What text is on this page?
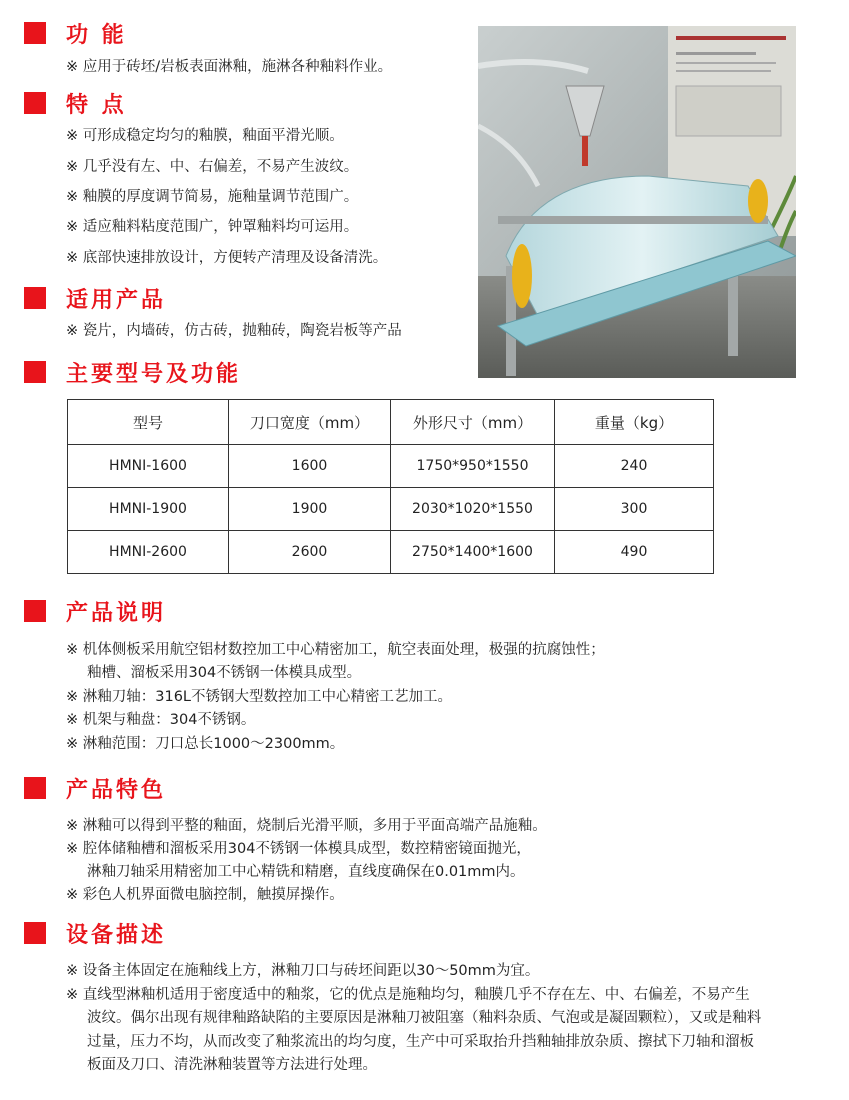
功 能
※ 应用于砖坯/岩板表面淋釉，施淋各种釉料作业。
特 点
※ 可形成稳定均匀的釉膜，釉面平滑光顺。
※ 几乎没有左、中、右偏差，不易产生波纹。
※ 釉膜的厚度调节简易，施釉量调节范围广。
※ 适应釉料粘度范围广，钟罩釉料均可运用。
※ 底部快速排放设计，方便转产清理及设备清洗。
适用产品
※ 瓷片，内墙砖，仿古砖，抛釉砖，陶瓷岩板等产品
主要型号及功能
型号	刀口宽度（mm）	外形尺寸（mm）	重量（kg）
HMNI-1600	1600	1750*950*1550	240
HMNI-1900	1900	2030*1020*1550	300
HMNI-2600	2600	2750*1400*1600	490
产品说明
※ 机体侧板采用航空铝材数控加工中心精密加工，航空表面处理，极强的抗腐蚀性；
釉槽、溜板采用304不锈钢一体模具成型。
※ 淋釉刀轴：316L不锈钢大型数控加工中心精密工艺加工。
※ 机架与釉盘：304不锈钢。
※ 淋釉范围：刀口总长1000～2300mm。
产品特色
※ 淋釉可以得到平整的釉面，烧制后光滑平顺，多用于平面高端产品施釉。
※ 腔体储釉槽和溜板采用304不锈钢一体模具成型，数控精密镜面抛光，
淋釉刀轴采用精密加工中心精铣和精磨，直线度确保在0.01mm内。
※ 彩色人机界面微电脑控制，触摸屏操作。
设备描述
※ 设备主体固定在施釉线上方，淋釉刀口与砖坯间距以30～50mm为宜。
※ 直线型淋釉机适用于密度适中的釉浆，它的优点是施釉均匀，釉膜几乎不存在左、中、右偏差，不易产生
波纹。偶尔出现有规律釉路缺陷的主要原因是淋釉刀被阻塞（釉料杂质、气泡或是凝固颗粒），又或是釉料
过量，压力不均，从而改变了釉浆流出的均匀度，生产中可采取抬升挡釉轴排放杂质、擦拭下刀轴和溜板
板面及刀口、清洗淋釉装置等方法进行处理。
